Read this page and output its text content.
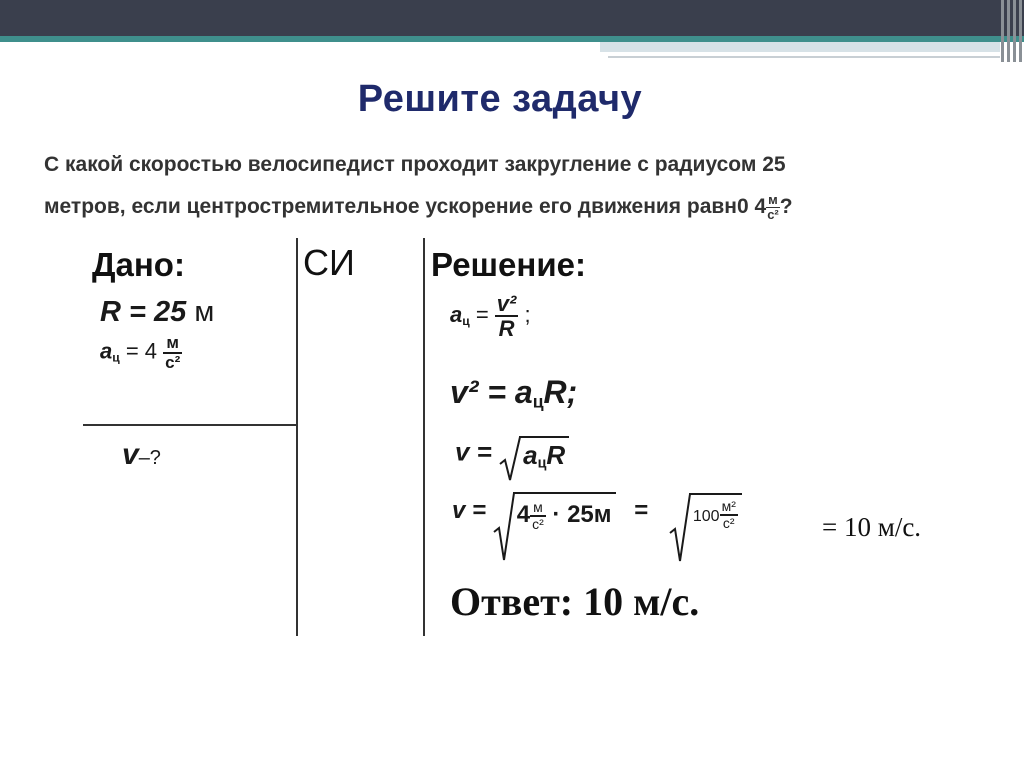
Решите задачу
С какой скоростью велосипедист проходит закругление с радиусом 25
метров, если центростремительное ускорение его движения равн0 $4 \frac{м}{\text{с²}}$ ?
Дано:	СИ Решение:
R = 25 м
$a_ц = 4 \frac{м}{\text{с²}}$
v–?
$a_ц = \frac{\text{v²}}{R}$ ;
$v^2 = a_цR$;
$v = a_цR$
$v = 4 \frac{м}{\text{с²}} \cdot 25м$ =	$100 \frac{\text{м²}}{\text{с²}}$	= 10 м/с.
Ответ: 10 м/с.
